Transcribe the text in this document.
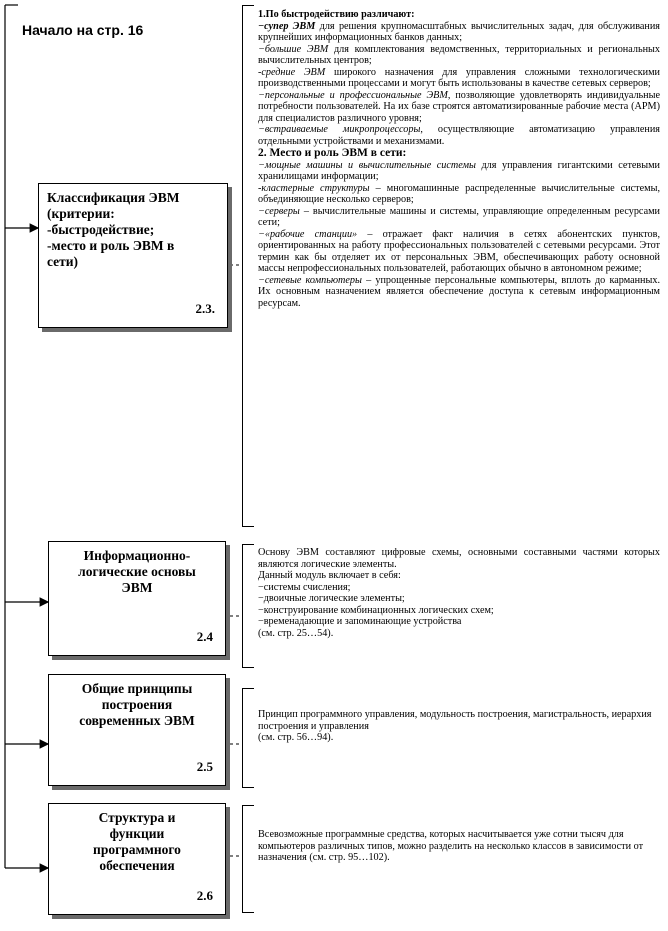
Начало на стр. 16
Классификация ЭВМ
(критерии:
-быстродействие;
-место и роль ЭВМ в
сети)
2.3.
Информационно-
логические основы
ЭВМ
2.4
Общие принципы
построения
современных ЭВМ
2.5
Структура и
функции
программного
обеспечения
2.6

1.По быстродействию различают:

−супер ЭВМ для решения крупномасштабных вычислительных задач, для обслуживания крупнейших информационных банков данных;

−большие ЭВМ для комплектования ведомственных, территориальных и региональных вычислительных центров;

-средние ЭВМ широкого назначения для управления сложными технологическими производственными процессами и могут быть использованы в качестве сетевых серверов;

−персональные и профессиональные ЭВМ, позволяющие удовлетворять индивидуальные потребности пользователей. На их базе строятся автоматизированные рабочие места (АРМ) для специалистов различного уровня;

−встраиваемые микропроцессоры, осуществляющие автоматизацию управления отдельными устройствами и механизмами.

2. Место и роль ЭВМ в сети:

−мощные машины и вычислительные системы для управления гигантскими сетевыми хранилищами информации;

-кластерные структуры – многомашинные распределенные вычислительные системы, объединяющие несколько серверов;

−серверы – вычислительные машины и системы, управляющие определенным ресурсами сети;

−«рабочие станции» – отражает факт наличия в сетях абонентских пунктов, ориентированных на работу профессиональных пользователей с сетевыми ресурсами. Этот термин как бы отделяет их от персональных ЭВМ, обеспечивающих работу основной массы непрофессиональных пользователей, работающих обычно в автономном режиме;

−сетевые компьютеры – упрощенные персональные компьютеры, вплоть до карманных. Их основным назначением является обеспечение доступа к сетевым информационным ресурсам.

Основу ЭВМ составляют цифровые схемы, основными составными частями которых являются логические элементы.

Данный модуль включает в себя:

−системы счисления;

−двоичные логические элементы;

−конструирование комбинационных логических схем;

−временадающие и запоминающие устройства

(см. стр. 25…54).

Принцип программного управления, модульность построения, магистральность, иерархия построения и управления

(см. стр. 56…94).

Всевозможные программные средства, которых насчитывается уже сотни тысяч для компьютеров различных типов, можно разделить на несколько классов в зависимости от назначения (см. стр. 95…102).
